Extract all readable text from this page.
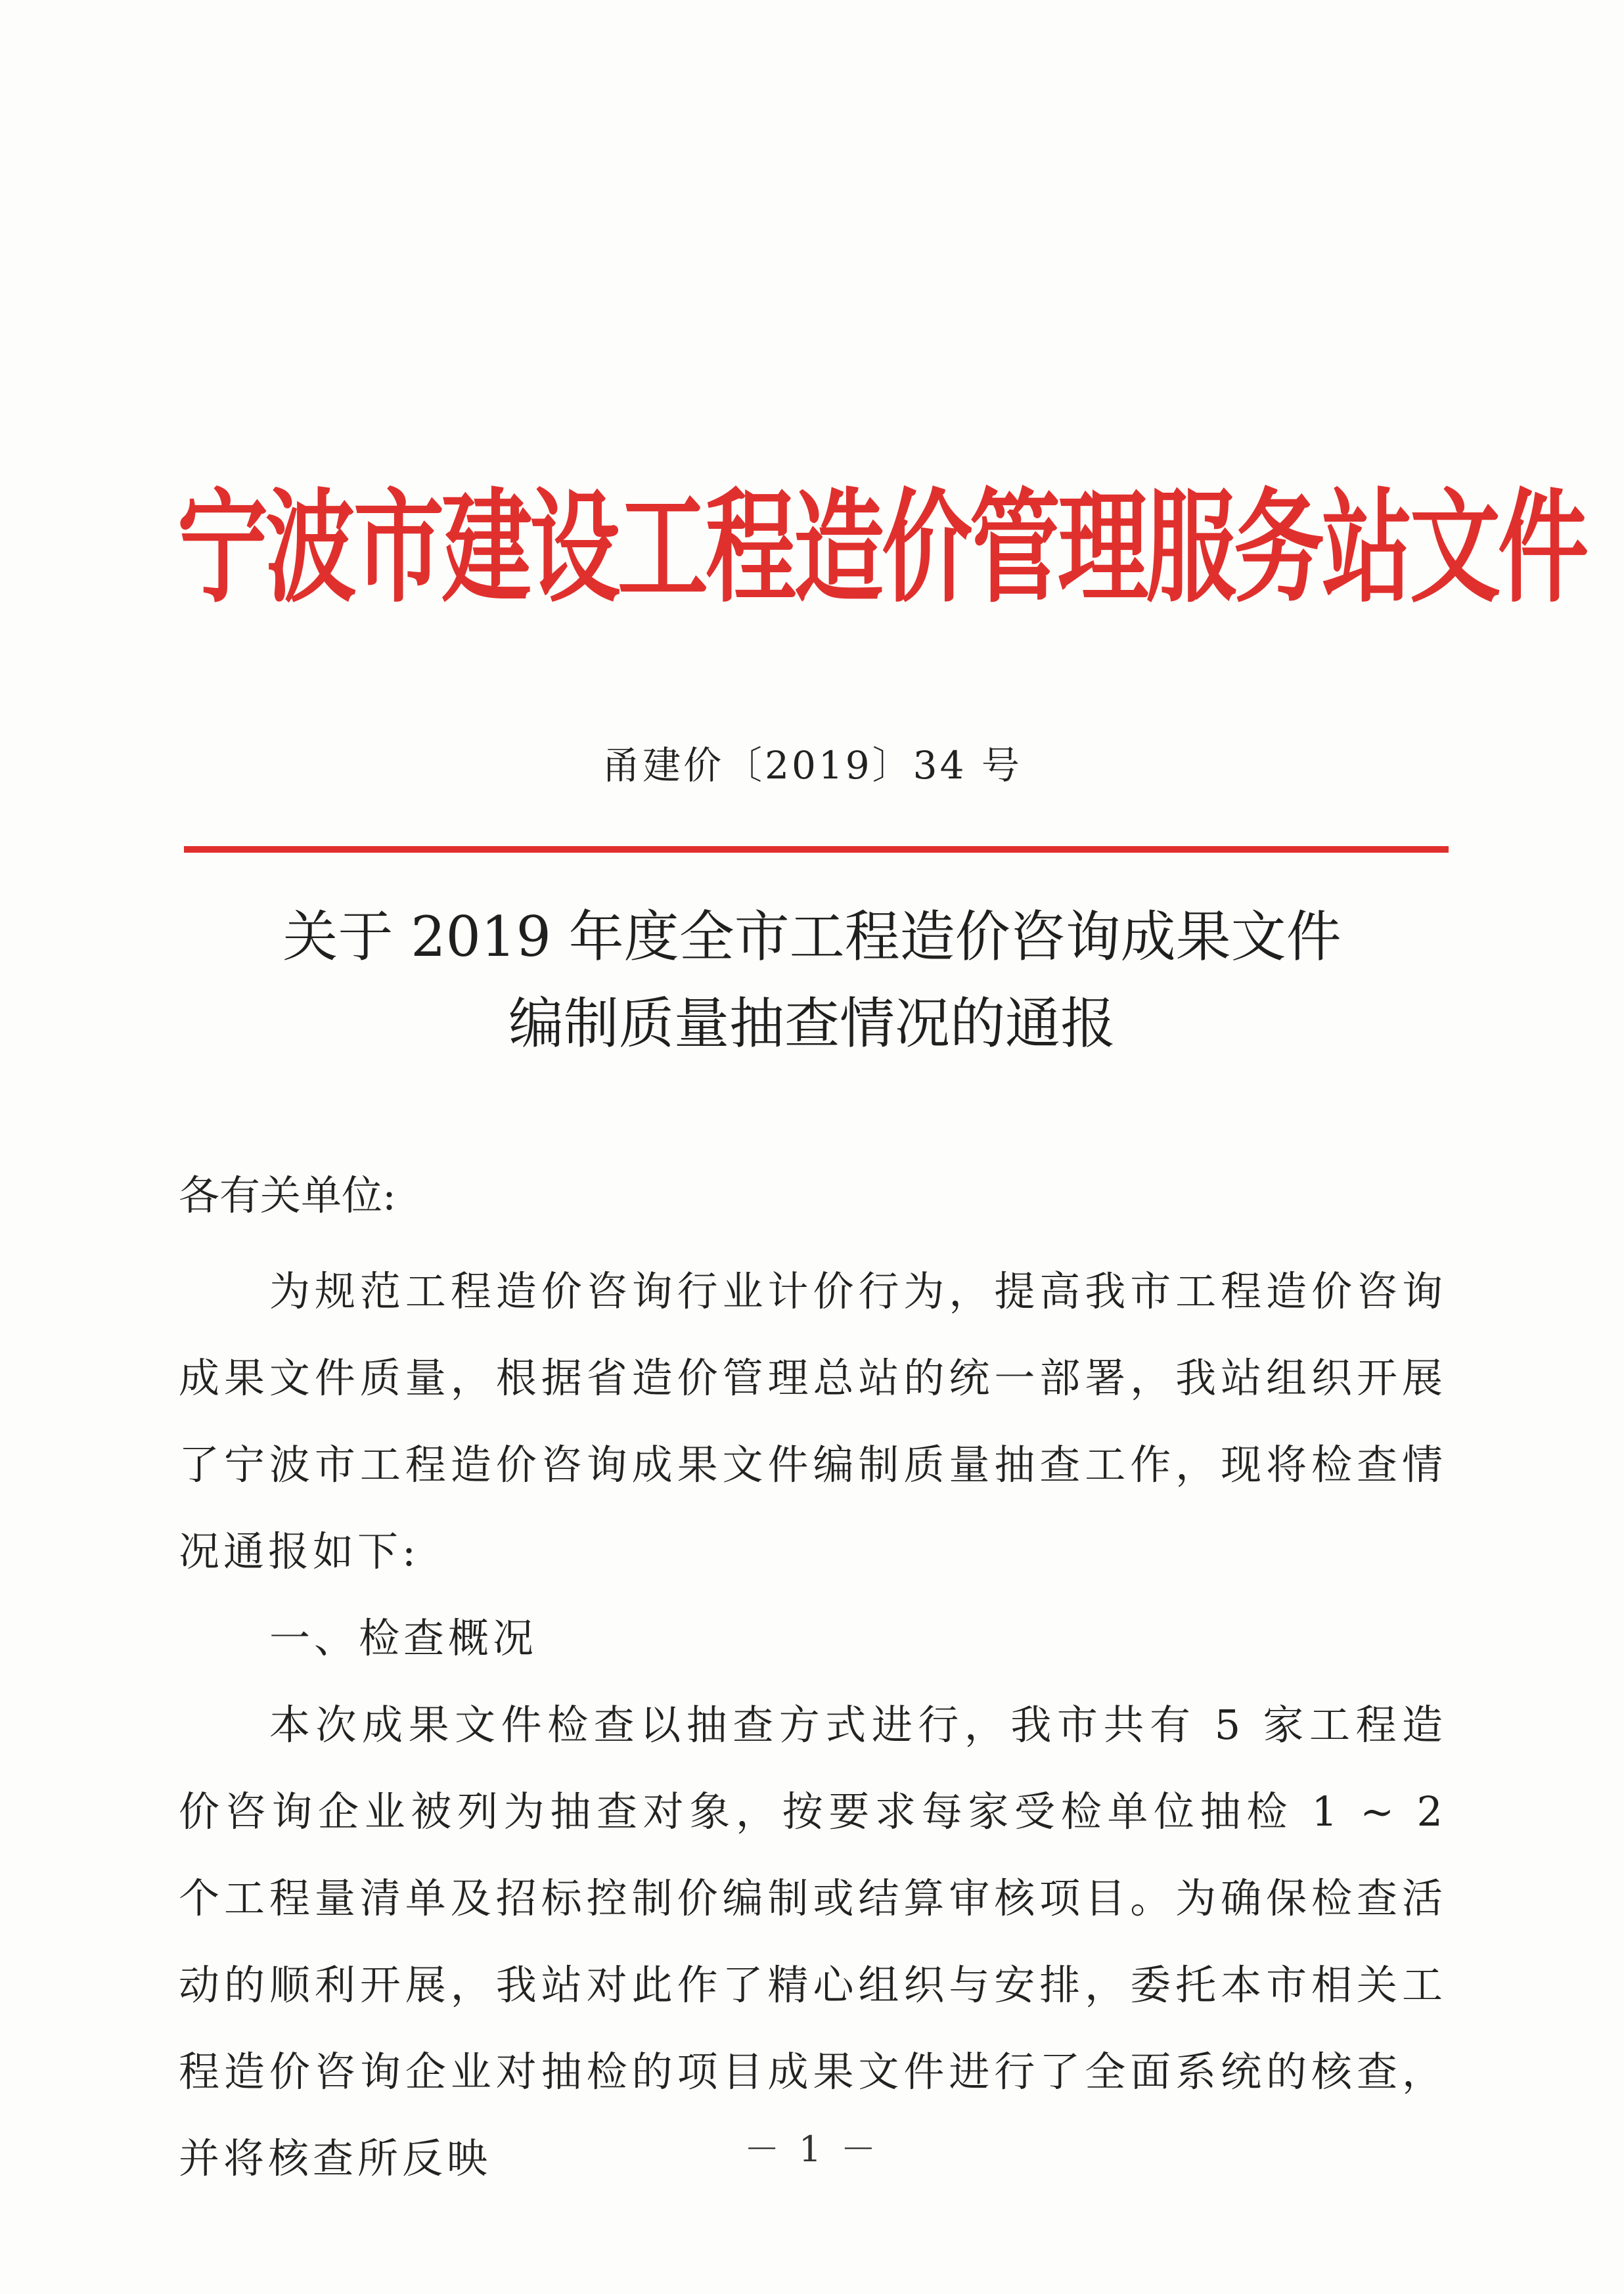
宁波市建设工程造价管理服务站文件
甬建价〔2019〕34 号
关于 2019 年度全市工程造价咨询成果文件
编制质量抽查情况的通报
各有关单位:

为规范工程造价咨询行业计价行为，提高我市工程造价咨询成果文件质量，根据省造价管理总站的统一部署，我站组织开展了宁波市工程造价咨询成果文件编制质量抽查工作，现将检查情况通报如下:

一、检查概况

本次成果文件检查以抽查方式进行，我市共有 5 家工程造价咨询企业被列为抽查对象，按要求每家受检单位抽检 1 ~ 2 个工程量清单及招标控制价编制或结算审核项目。为确保检查活动的顺利开展，我站对此作了精心组织与安排，委托本市相关工程造价咨询企业对抽检的项目成果文件进行了全面系统的核查，并将核查所反映	－ 1 －
